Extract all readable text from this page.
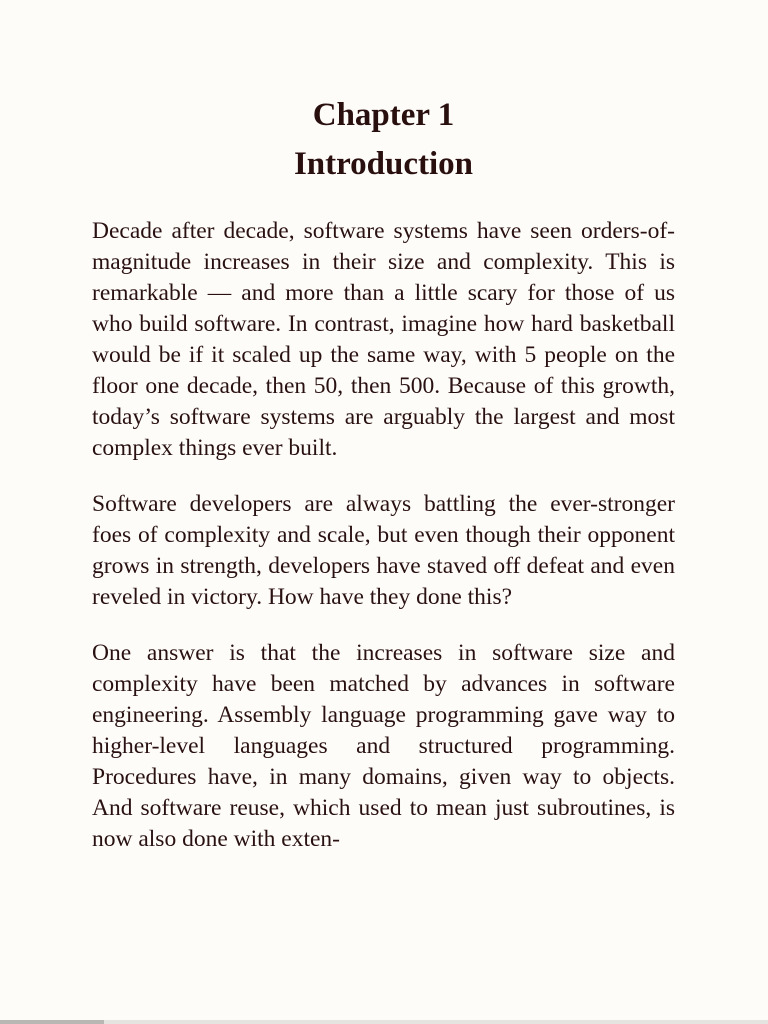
Chapter 1
Introduction

Decade after decade, software systems have seen orders-of-magnitude increases in their size and complexity. This is remarkable — and more than a little scary for those of us who build software. In contrast, imagine how hard basketball would be if it scaled up the same way, with 5 people on the floor one decade, then 50, then 500. Because of this growth, today’s software systems are arguably the largest and most complex things ever built.

Software developers are always battling the ever-stronger foes of complexity and scale, but even though their opponent grows in strength, developers have staved off defeat and even reveled in victory. How have they done this?

One answer is that the increases in software size and complexity have been matched by advances in software engineering. Assembly language programming gave way to higher-level languages and structured programming. Procedures have, in many domains, given way to objects. And software reuse, which used to mean just subroutines, is now also done with exten-
